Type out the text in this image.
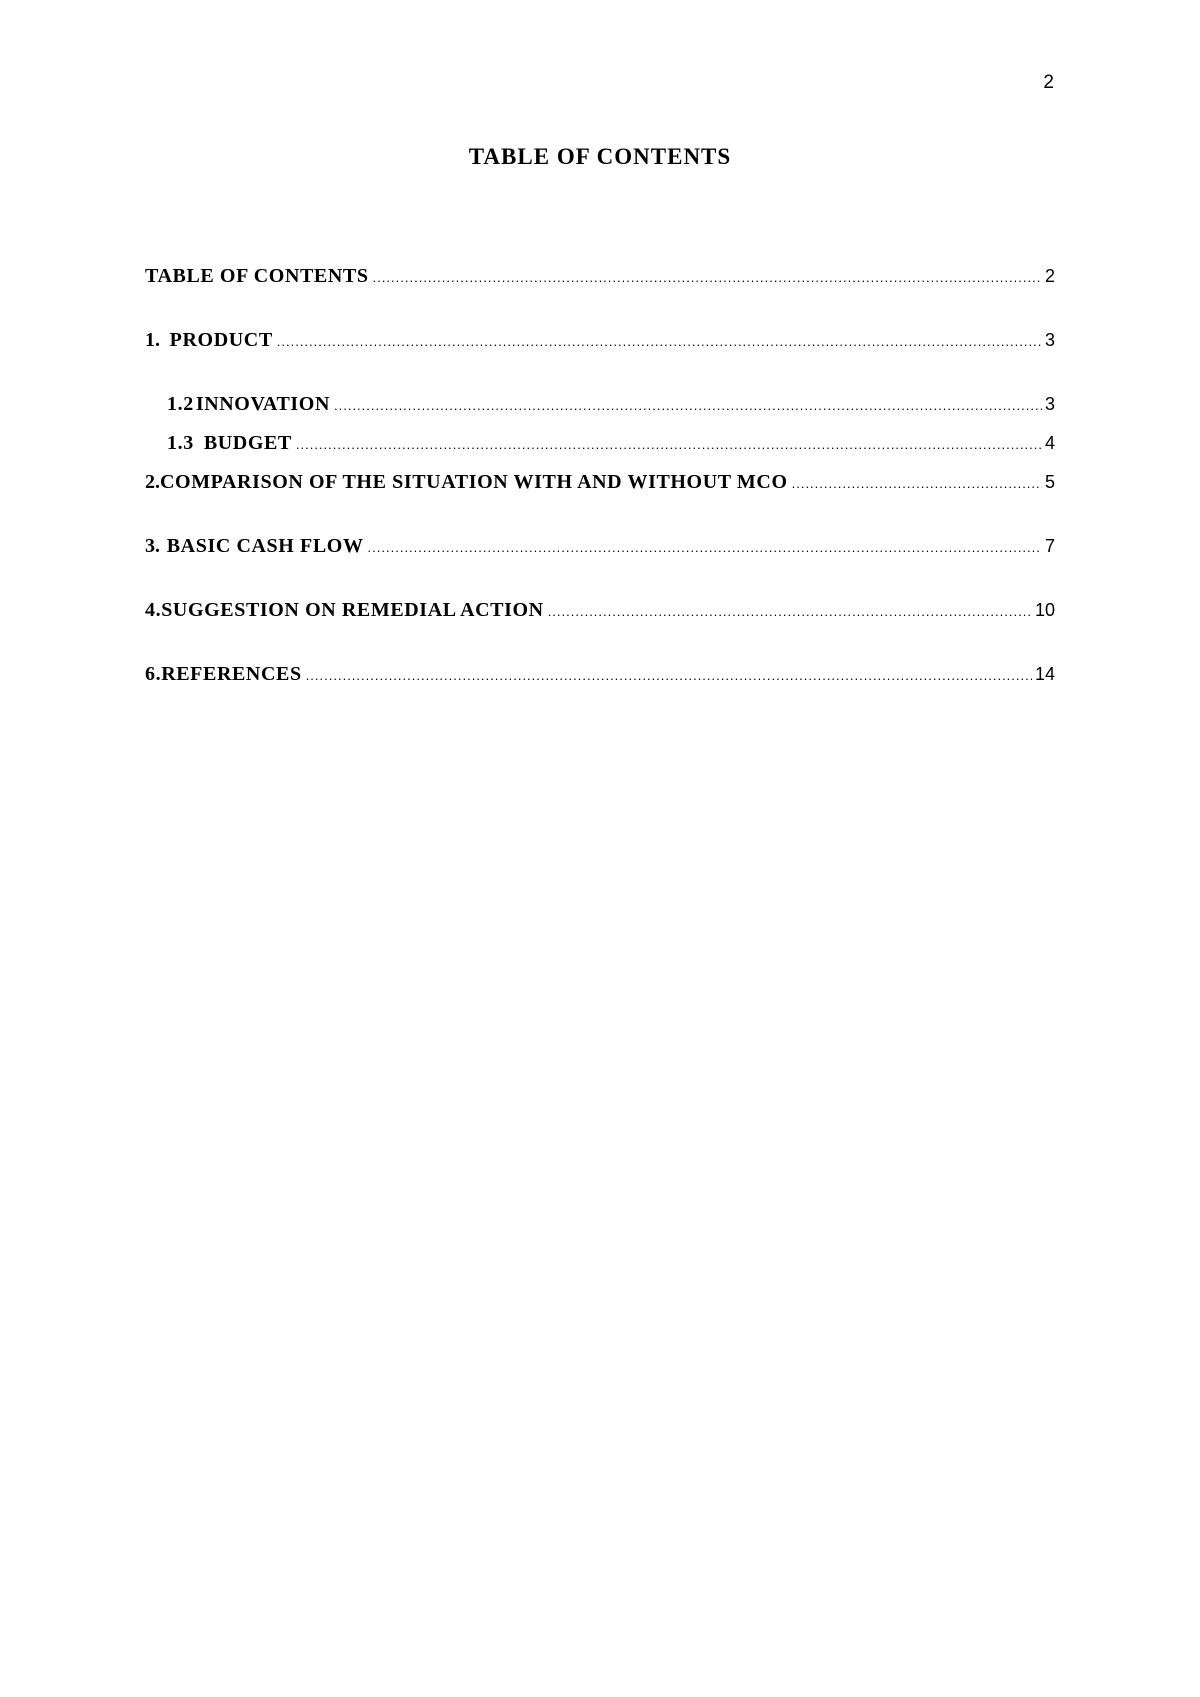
2
TABLE OF CONTENTS
TABLE OF CONTENTS .....	2
1. PRODUCT .....	3
1.2 INNOVATION .....	3
1.3 BUDGET .....	4
2. COMPARISON OF THE SITUATION WITH AND WITHOUT MCO .....	5
3. BASIC CASH FLOW .....	7
4.SUGGESTION ON REMEDIAL ACTION .....	10
6.REFERENCES .....	14
